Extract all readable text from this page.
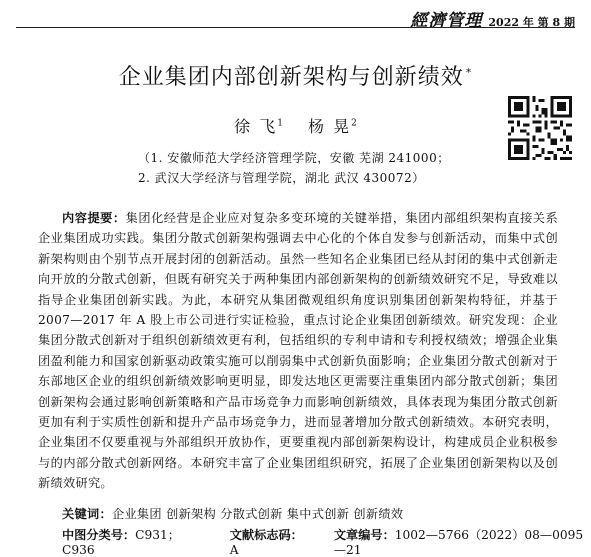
經濟管理 2022 年 第 8 期
企业集团内部创新架构与创新绩效 *
徐 飞$^1$ 杨 晃$^2$
（1. 安徽师范大学经济管理学院，安徽 芜湖 241000；
2. 武汉大学经济与管理学院，湖北 武汉 430072）
内容提要：集团化经营是企业应对复杂多变环境的关键举措，集团内部组织架构直接关系企业集团成功实践。集团分散式创新架构强调去中心化的个体自发参与创新活动，而集中式创新架构则由个别节点开展封闭的创新活动。虽然一些知名企业集团已经从封闭的集中式创新走向开放的分散式创新，但既有研究关于两种集团内部创新架构的创新绩效研究不足，导致难以指导企业集团创新实践。为此，本研究从集团微观组织角度识别集团创新架构特征，并基于 2007—2017 年 A 股上市公司进行实证检验，重点讨论企业集团创新绩效。研究发现：企业集团分散式创新对于组织创新绩效更有利，包括组织的专利申请和专利授权绩效；增强企业集团盈利能力和国家创新驱动政策实施可以削弱集中式创新负面影响；企业集团分散式创新对于东部地区企业的组织创新绩效影响更明显，即发达地区更需要注重集团内部分散式创新；集团创新架构会通过影响创新策略和产品市场竞争力而影响创新绩效，具体表现为集团分散式创新更加有利于实质性创新和提升产品市场竞争力，进而显著增加分散式创新绩效。本研究表明，企业集团不仅要重视与外部组织开放协作，更要重视内部创新架构设计，构建成员企业积极参与的内部分散式创新网络。本研究丰富了企业集团组织研究，拓展了企业集团创新架构以及创新绩效研究。
关键词：企业集团 创新架构 分散式创新 集中式创新 创新绩效
中图分类号：C931；C936
文献标志码：A
文章编号：1002—5766（2022）08—0095—21
